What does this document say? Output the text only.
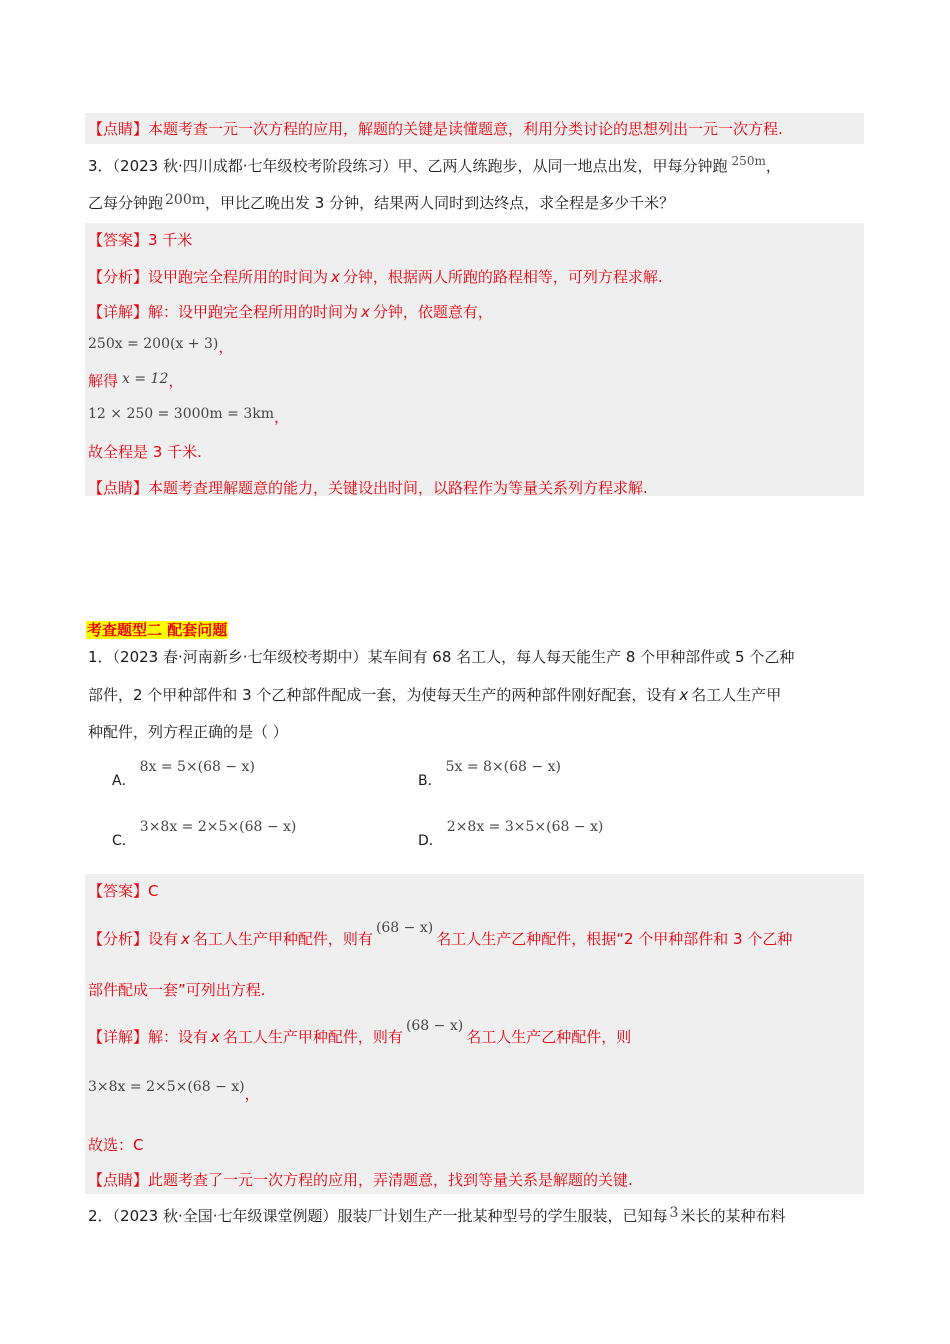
【点睛】本题考查一元一次方程的应用，解题的关键是读懂题意，利用分类讨论的思想列出一元一次方程.
3．（2023 秋·四川成都·七年级校考阶段练习）甲、乙两人练跑步，从同一地点出发，甲每分钟跑 $^{250m}$，
乙每分钟跑 200m，甲比乙晚出发 3 分钟，结果两人同时到达终点，求全程是多少千米？
【答案】3 千米
【分析】设甲跑完全程所用的时间为 x 分钟，根据两人所跑的路程相等，可列方程求解.
【详解】解：设甲跑完全程所用的时间为 x 分钟，依题意有，
250x = 200(x + 3)，
解得 x = 12，
12 × 250 = 3000m = 3km，
故全程是 3 千米.
【点睛】本题考查理解题意的能力，关键设出时间，以路程作为等量关系列方程求解.
考查题型二 配套问题
1．（2023 春·河南新乡·七年级校考期中）某车间有 68 名工人，每人每天能生产 8 个甲种部件或 5 个乙种
部件，2 个甲种部件和 3 个乙种部件配成一套，为使每天生产的两种部件刚好配套，设有 x 名工人生产甲
种配件，列方程正确的是（ ）
A．8x = 5×(68 − x)
B．5x = 8×(68 − x)
C．3×8x = 2×5×(68 − x)
D．2×8x = 3×5×(68 − x)
【答案】C
【分析】设有 x 名工人生产甲种配件，则有(68 − x)名工人生产乙种配件，根据“2 个甲种部件和 3 个乙种
部件配成一套”可列出方程.
【详解】解：设有 x 名工人生产甲种配件，则有(68 − x)名工人生产乙种配件，则
3×8x = 2×5×(68 − x)，
故选：C
【点睛】此题考查了一元一次方程的应用，弄清题意，找到等量关系是解题的关键.
2．（2023 秋·全国·七年级课堂例题）服装厂计划生产一批某种型号的学生服装，已知每 3 米长的某种布料
